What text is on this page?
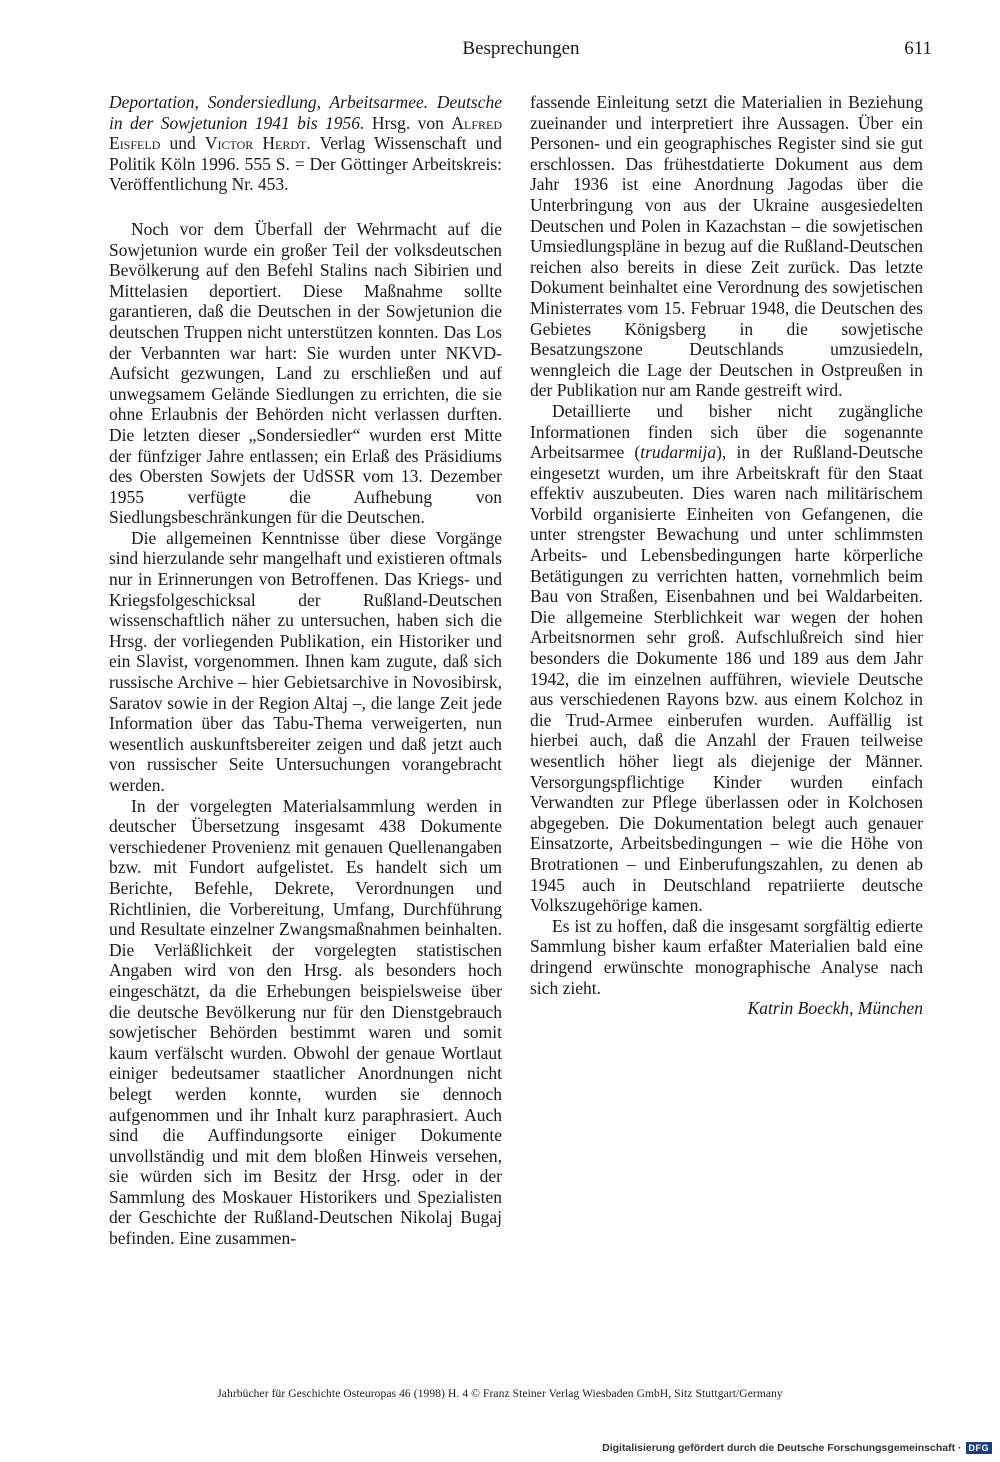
Besprechungen	611

Deportation, Sondersiedlung, Arbeitsarmee. Deutsche in der Sowjetunion 1941 bis 1956. Hrsg. von Alfred Eisfeld und Victor Herdt. Verlag Wissenschaft und Politik Köln 1996. 555 S. = Der Göttinger Arbeitskreis: Veröffentlichung Nr. 453.

Noch vor dem Überfall der Wehrmacht auf die Sowjetunion wurde ein großer Teil der volksdeutschen Bevölkerung auf den Befehl Stalins nach Sibirien und Mittelasien deportiert. Diese Maßnahme sollte garantieren, daß die Deutschen in der Sowjetunion die deutschen Truppen nicht unterstützen konnten. Das Los der Verbannten war hart: Sie wurden unter NKVD-Aufsicht gezwungen, Land zu erschließen und auf unwegsamem Gelände Siedlungen zu errichten, die sie ohne Erlaubnis der Behörden nicht verlassen durften. Die letzten dieser „Sondersiedler“ wurden erst Mitte der fünfziger Jahre entlassen; ein Erlaß des Präsidiums des Obersten Sowjets der UdSSR vom 13. Dezember 1955 verfügte die Aufhebung von Siedlungsbeschränkungen für die Deutschen.

Die allgemeinen Kenntnisse über diese Vorgänge sind hierzulande sehr mangelhaft und existieren oftmals nur in Erinnerungen von Betroffenen. Das Kriegs- und Kriegsfolgeschicksal der Rußland-Deutschen wissenschaftlich näher zu untersuchen, haben sich die Hrsg. der vorliegenden Publikation, ein Historiker und ein Slavist, vorgenommen. Ihnen kam zugute, daß sich russische Archive – hier Gebietsarchive in Novosibirsk, Saratov sowie in der Region Altaj –, die lange Zeit jede Information über das Tabu-Thema verweigerten, nun wesentlich auskunftsbereiter zeigen und daß jetzt auch von russischer Seite Untersuchungen vorangebracht werden.

In der vorgelegten Materialsammlung werden in deutscher Übersetzung insgesamt 438 Dokumente verschiedener Provenienz mit genauen Quellenangaben bzw. mit Fundort aufgelistet. Es handelt sich um Berichte, Befehle, Dekrete, Verordnungen und Richtlinien, die Vorbereitung, Umfang, Durchführung und Resultate einzelner Zwangsmaßnahmen beinhalten. Die Verläßlichkeit der vorgelegten statistischen Angaben wird von den Hrsg. als besonders hoch eingeschätzt, da die Erhebungen beispielsweise über die deutsche Bevölkerung nur für den Dienstgebrauch sowjetischer Behörden bestimmt waren und somit kaum verfälscht wurden. Obwohl der genaue Wortlaut einiger bedeutsamer staatlicher Anordnungen nicht belegt werden konnte, wurden sie dennoch aufgenommen und ihr Inhalt kurz paraphrasiert. Auch sind die Auffindungsorte einiger Dokumente unvollständig und mit dem bloßen Hinweis versehen, sie würden sich im Besitz der Hrsg. oder in der Sammlung des Moskauer Historikers und Spezialisten der Geschichte der Rußland-Deutschen Nikolaj Bugaj befinden. Eine zusammen-

fassende Einleitung setzt die Materialien in Beziehung zueinander und interpretiert ihre Aussagen. Über ein Personen- und ein geographisches Register sind sie gut erschlossen. Das frühestdatierte Dokument aus dem Jahr 1936 ist eine Anordnung Jagodas über die Unterbringung von aus der Ukraine ausgesiedelten Deutschen und Polen in Kazachstan – die sowjetischen Umsiedlungspläne in bezug auf die Rußland-Deutschen reichen also bereits in diese Zeit zurück. Das letzte Dokument beinhaltet eine Verordnung des sowjetischen Ministerrates vom 15. Februar 1948, die Deutschen des Gebietes Königsberg in die sowjetische Besatzungszone Deutschlands umzusiedeln, wenngleich die Lage der Deutschen in Ostpreußen in der Publikation nur am Rande gestreift wird.

Detaillierte und bisher nicht zugängliche Informationen finden sich über die sogenannte Arbeitsarmee (trudarmija), in der Rußland-Deutsche eingesetzt wurden, um ihre Arbeitskraft für den Staat effektiv auszubeuten. Dies waren nach militärischem Vorbild organisierte Einheiten von Gefangenen, die unter strengster Bewachung und unter schlimmsten Arbeits- und Lebensbedingungen harte körperliche Betätigungen zu verrichten hatten, vornehmlich beim Bau von Straßen, Eisenbahnen und bei Waldarbeiten. Die allgemeine Sterblichkeit war wegen der hohen Arbeitsnormen sehr groß. Aufschlußreich sind hier besonders die Dokumente 186 und 189 aus dem Jahr 1942, die im einzelnen aufführen, wieviele Deutsche aus verschiedenen Rayons bzw. aus einem Kolchoz in die Trud-Armee einberufen wurden. Auffällig ist hierbei auch, daß die Anzahl der Frauen teilweise wesentlich höher liegt als diejenige der Männer. Versorgungspflichtige Kinder wurden einfach Verwandten zur Pflege überlassen oder in Kolchosen abgegeben. Die Dokumentation belegt auch genauer Einsatzorte, Arbeitsbedingungen – wie die Höhe von Brotrationen – und Einberufungszahlen, zu denen ab 1945 auch in Deutschland repatriierte deutsche Volkszugehörige kamen.

Es ist zu hoffen, daß die insgesamt sorgfältig edierte Sammlung bisher kaum erfaßter Materialien bald eine dringend erwünschte monographische Analyse nach sich zieht.

Katrin Boeckh, München

Jahrbücher für Geschichte Osteuropas 46 (1998) H. 4 © Franz Steiner Verlag Wiesbaden GmbH, Sitz Stuttgart/Germany
Digitalisierung gefördert durch die Deutsche Forschungsgemeinschaft · DFG
